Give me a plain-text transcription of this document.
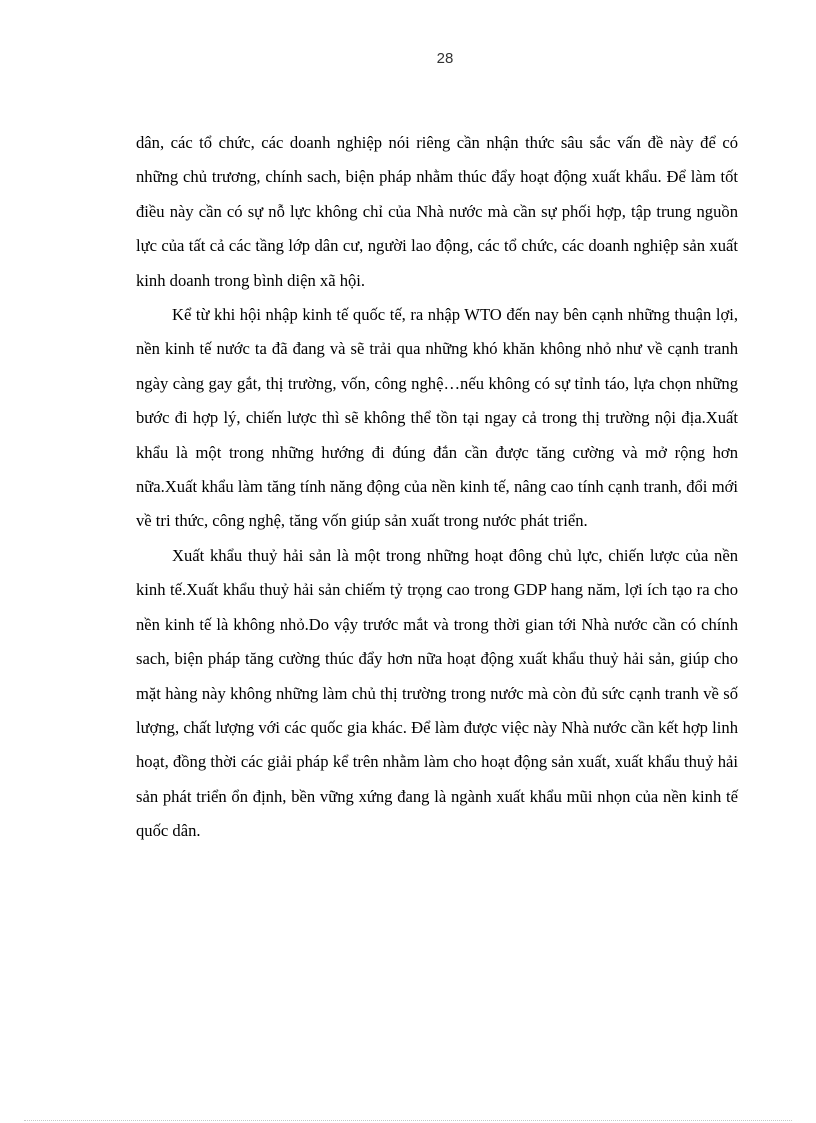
28

dân, các tổ chức, các doanh nghiệp nói riêng cần nhận thức sâu sắc vấn đề này để có những chủ trương, chính sach, biện pháp nhằm thúc đẩy hoạt động xuất khẩu. Để làm tốt điều này cần có sự nỗ lực không chỉ của Nhà nước mà cần sự phối hợp, tập trung nguồn lực của tất cả các tầng lớp dân cư, người lao động, các tổ chức, các doanh nghiệp sản xuất kinh doanh trong bình diện xã hội.

Kể từ khi hội nhập kinh tế quốc tế, ra nhập WTO đến nay bên cạnh những thuận lợi, nền kinh tế nước ta đã đang và sẽ trải qua những khó khăn không nhỏ như về cạnh tranh ngày càng gay gắt, thị trường, vốn, công nghệ…nếu không có sự tỉnh táo, lựa chọn những bước đi hợp lý, chiến lược thì sẽ không thể tồn tại ngay cả trong thị trường nội địa.Xuất khẩu là một trong những hướng đi đúng đắn cần được tăng cường và mở rộng hơn nữa.Xuất khẩu làm tăng tính năng động của nền kinh tế, nâng cao tính cạnh tranh, đổi mới về tri thức, công nghệ, tăng vốn giúp sản xuất trong nước phát triển.

Xuất khẩu thuỷ hải sản là một trong những hoạt đông chủ lực, chiến lược của nền kinh tế.Xuất khẩu thuỷ hải sản chiếm tỷ trọng cao trong GDP hang năm, lợi ích tạo ra cho nền kinh tế là không nhỏ.Do vậy trước mắt và trong thời gian tới Nhà nước cần có chính sach, biện pháp tăng cường thúc đẩy hơn nữa hoạt động xuất khẩu thuỷ hải sản, giúp cho mặt hàng này không những làm chủ thị trường trong nước mà còn đủ sức cạnh tranh về số lượng, chất lượng với các quốc gia khác. Để làm được việc này Nhà nước cần kết hợp linh hoạt, đồng thời các giải pháp kể trên nhằm làm cho hoạt động sản xuất, xuất khẩu thuỷ hải sản phát triển ổn định, bền vững xứng đang là ngành xuất khẩu mũi nhọn của nền kinh tế quốc dân.
